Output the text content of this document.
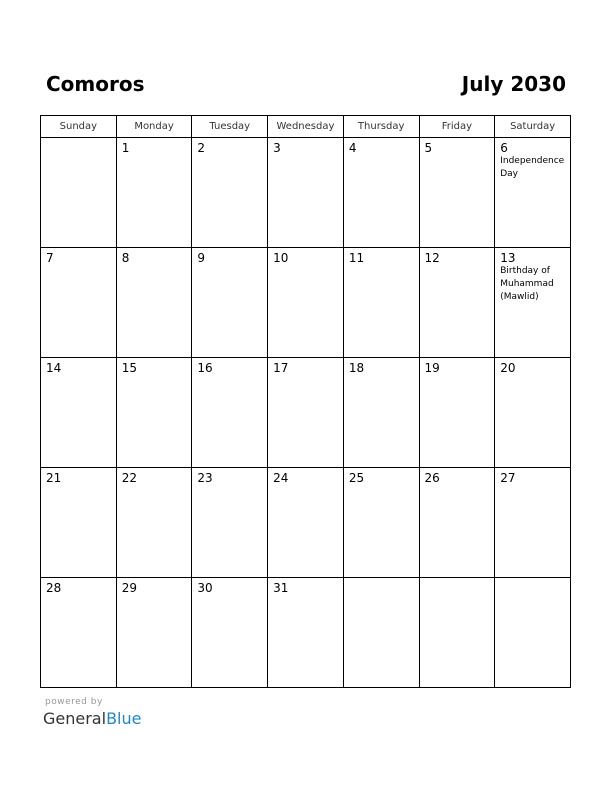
Comoros	July 2030
Sunday	Monday	Tuesday	Wednesday	Thursday	Friday	Saturday

	1	2	3	4	5	6
Independence Day

7	8	9	10	11	12	13
Birthday of Muhammad (Mawlid)

14	15	16	17	18	19	20

21	22	23	24	25	26	27

28	29	30	31			

powered by
GeneralBlue
